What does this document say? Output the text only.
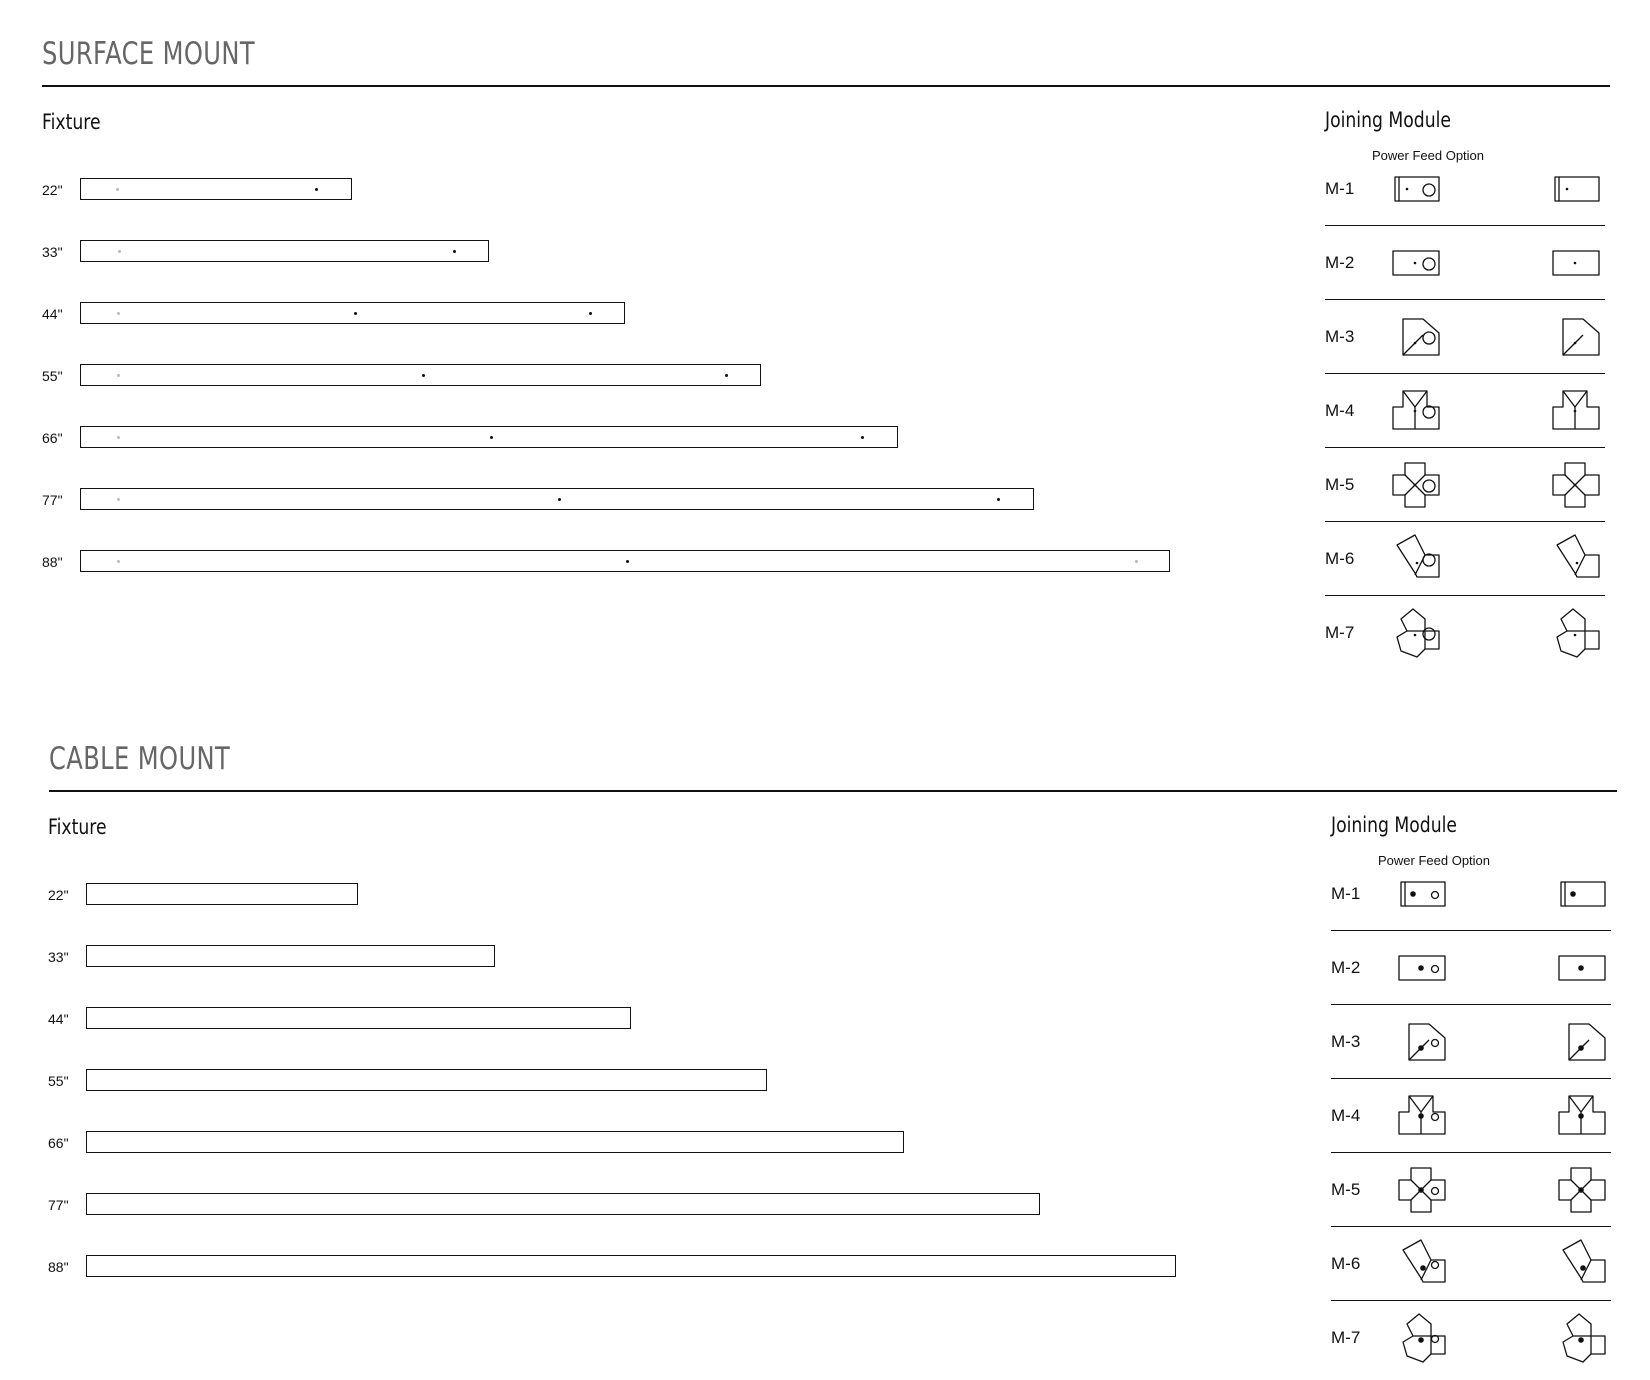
SURFACE MOUNT
Fixture	Joining Module
Power Feed Option
22"
33"
44"
55"
66"
77"
88"
M-1
M-2
M-3
M-4
M-5
M-6
M-7
CABLE MOUNT
Fixture	Joining Module
Power Feed Option
22"
33"
44"
55"
66"
77"
88"
M-1
M-2
M-3
M-4
M-5
M-6
M-7
